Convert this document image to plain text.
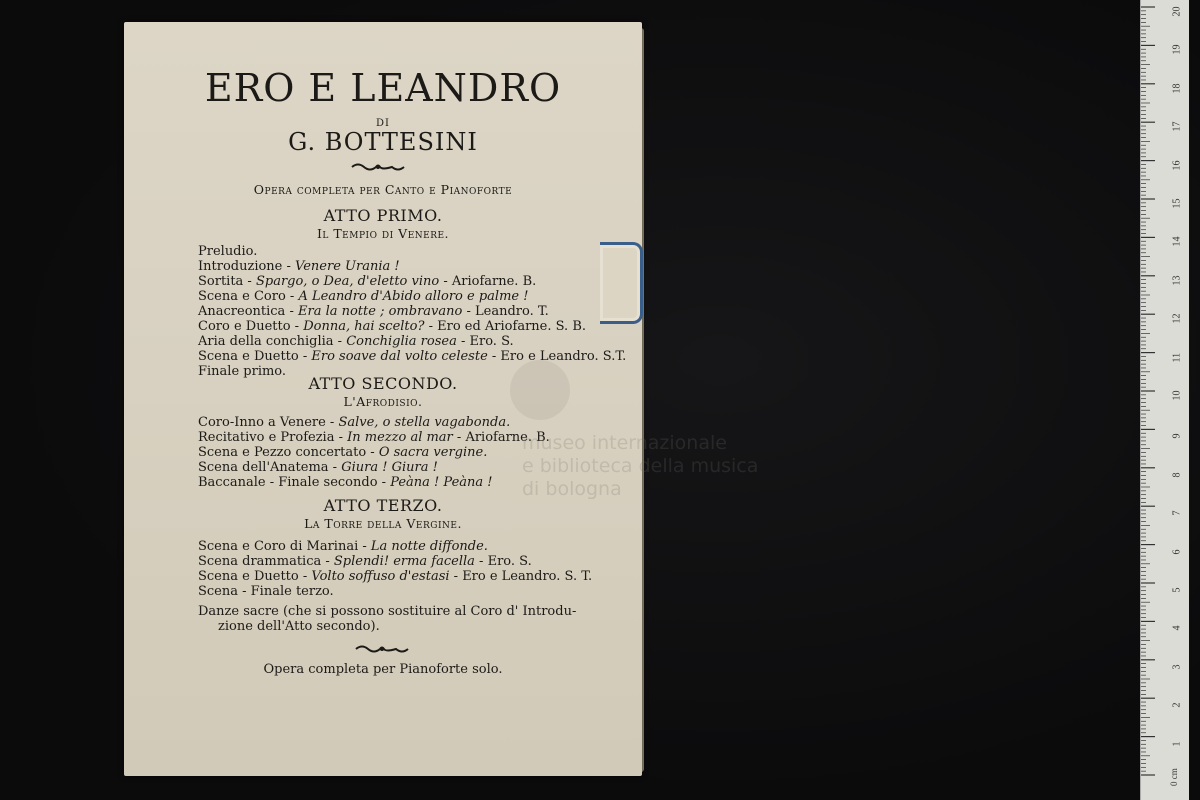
ERO E LEANDRO
DI
G. BOTTESINI
Opera completa per Canto e Pianoforte
ATTO PRIMO.
Il Tempio di Venere.
Preludio.
Introduzione - Venere Urania !
Sortita - Spargo, o Dea, d'eletto vino - Ariofarne. B.
Scena e Coro - A Leandro d'Abido alloro e palme !
Anacreontica - Era la notte ; ombravano - Leandro. T.
Coro e Duetto - Donna, hai scelto? - Ero ed Ariofarne. S. B.
Aria della conchiglia - Conchiglia rosea - Ero. S.
Scena e Duetto - Ero soave dal volto celeste - Ero e Leandro. S.T.
Finale primo.
ATTO SECONDO.
L'Afrodisio.
Coro-Inno a Venere - Salve, o stella vagabonda.
Recitativo e Profezia - In mezzo al mar - Ariofarne. B.
Scena e Pezzo concertato - O sacra vergine.
Scena dell'Anatema - Giura ! Giura !
Baccanale - Finale secondo - Peàna ! Peàna !
ATTO TERZO.
La Torre della Vergine.
Scena e Coro di Marinai - La notte diffonde.
Scena drammatica - Splendi! erma facella - Ero. S.
Scena e Duetto - Volto soffuso d'estasi - Ero e Leandro. S. T.
Scena - Finale terzo.
Danze sacre (che si possono sostituire al Coro d' Introdu-
zione dell'Atto secondo).
Opera completa per Pianoforte solo.
museo internazionale
e biblioteca della musica
di bologna
1
2
3
4
5
6
7
8
9
10
11
12
13
14
15
16
17
18
19
20
0 cm
